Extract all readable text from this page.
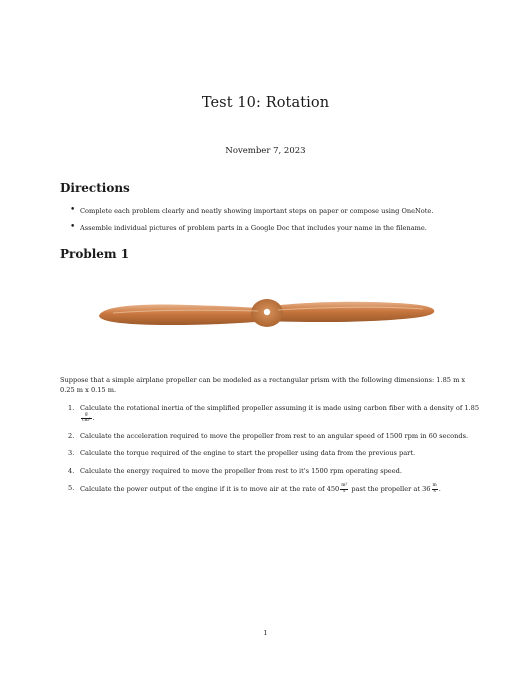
Test 10: Rotation
November 7, 2023
Directions
• Complete each problem clearly and neatly showing important steps on paper or compose using OneNote.
• Assemble individual pictures of problem parts in a Google Doc that includes your name in the filename.
Problem 1

Suppose that a simple airplane propeller can be modeled as a rectangular prism with the following dimensions: 1.85 m x 0.25 m x 0.15 m.

1. Calculate the rotational inertia of the simplified propeller assuming it is made using carbon fiber with a density of 1.85
$\frac{g}{\text{cm³}}$ .
2. Calculate the acceleration required to move the propeller from rest to an angular speed of 1500 rpm in 60 seconds.
3. Calculate the torque required of the engine to start the propeller using data from the previous part.
4. Calculate the energy required to move the propeller from rest to it's 1500 rpm operating speed.
5. Calculate the power output of the engine if it is to move air at the rate of $450 \frac{\text{m³}}{s}$ past the propeller at $36 \frac{m}{s}$ .
1
